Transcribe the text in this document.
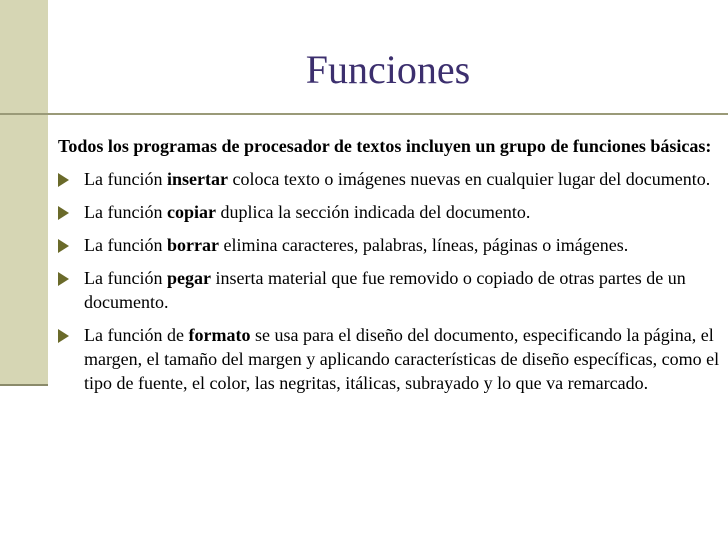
Funciones

Todos los programas de procesador de textos incluyen un grupo de funciones básicas:

La función insertar coloca texto o imágenes nuevas en cualquier lugar del documento.

La función copiar duplica la sección indicada del documento.

La función borrar elimina caracteres, palabras, líneas, páginas o imágenes.

La función pegar inserta material que fue removido o copiado de otras partes de un documento.

La función de formato se usa para el diseño del documento, especificando la página, el margen, el tamaño del margen y aplicando características de diseño específicas, como el tipo de fuente, el color, las negritas, itálicas, subrayado y lo que va remarcado.
